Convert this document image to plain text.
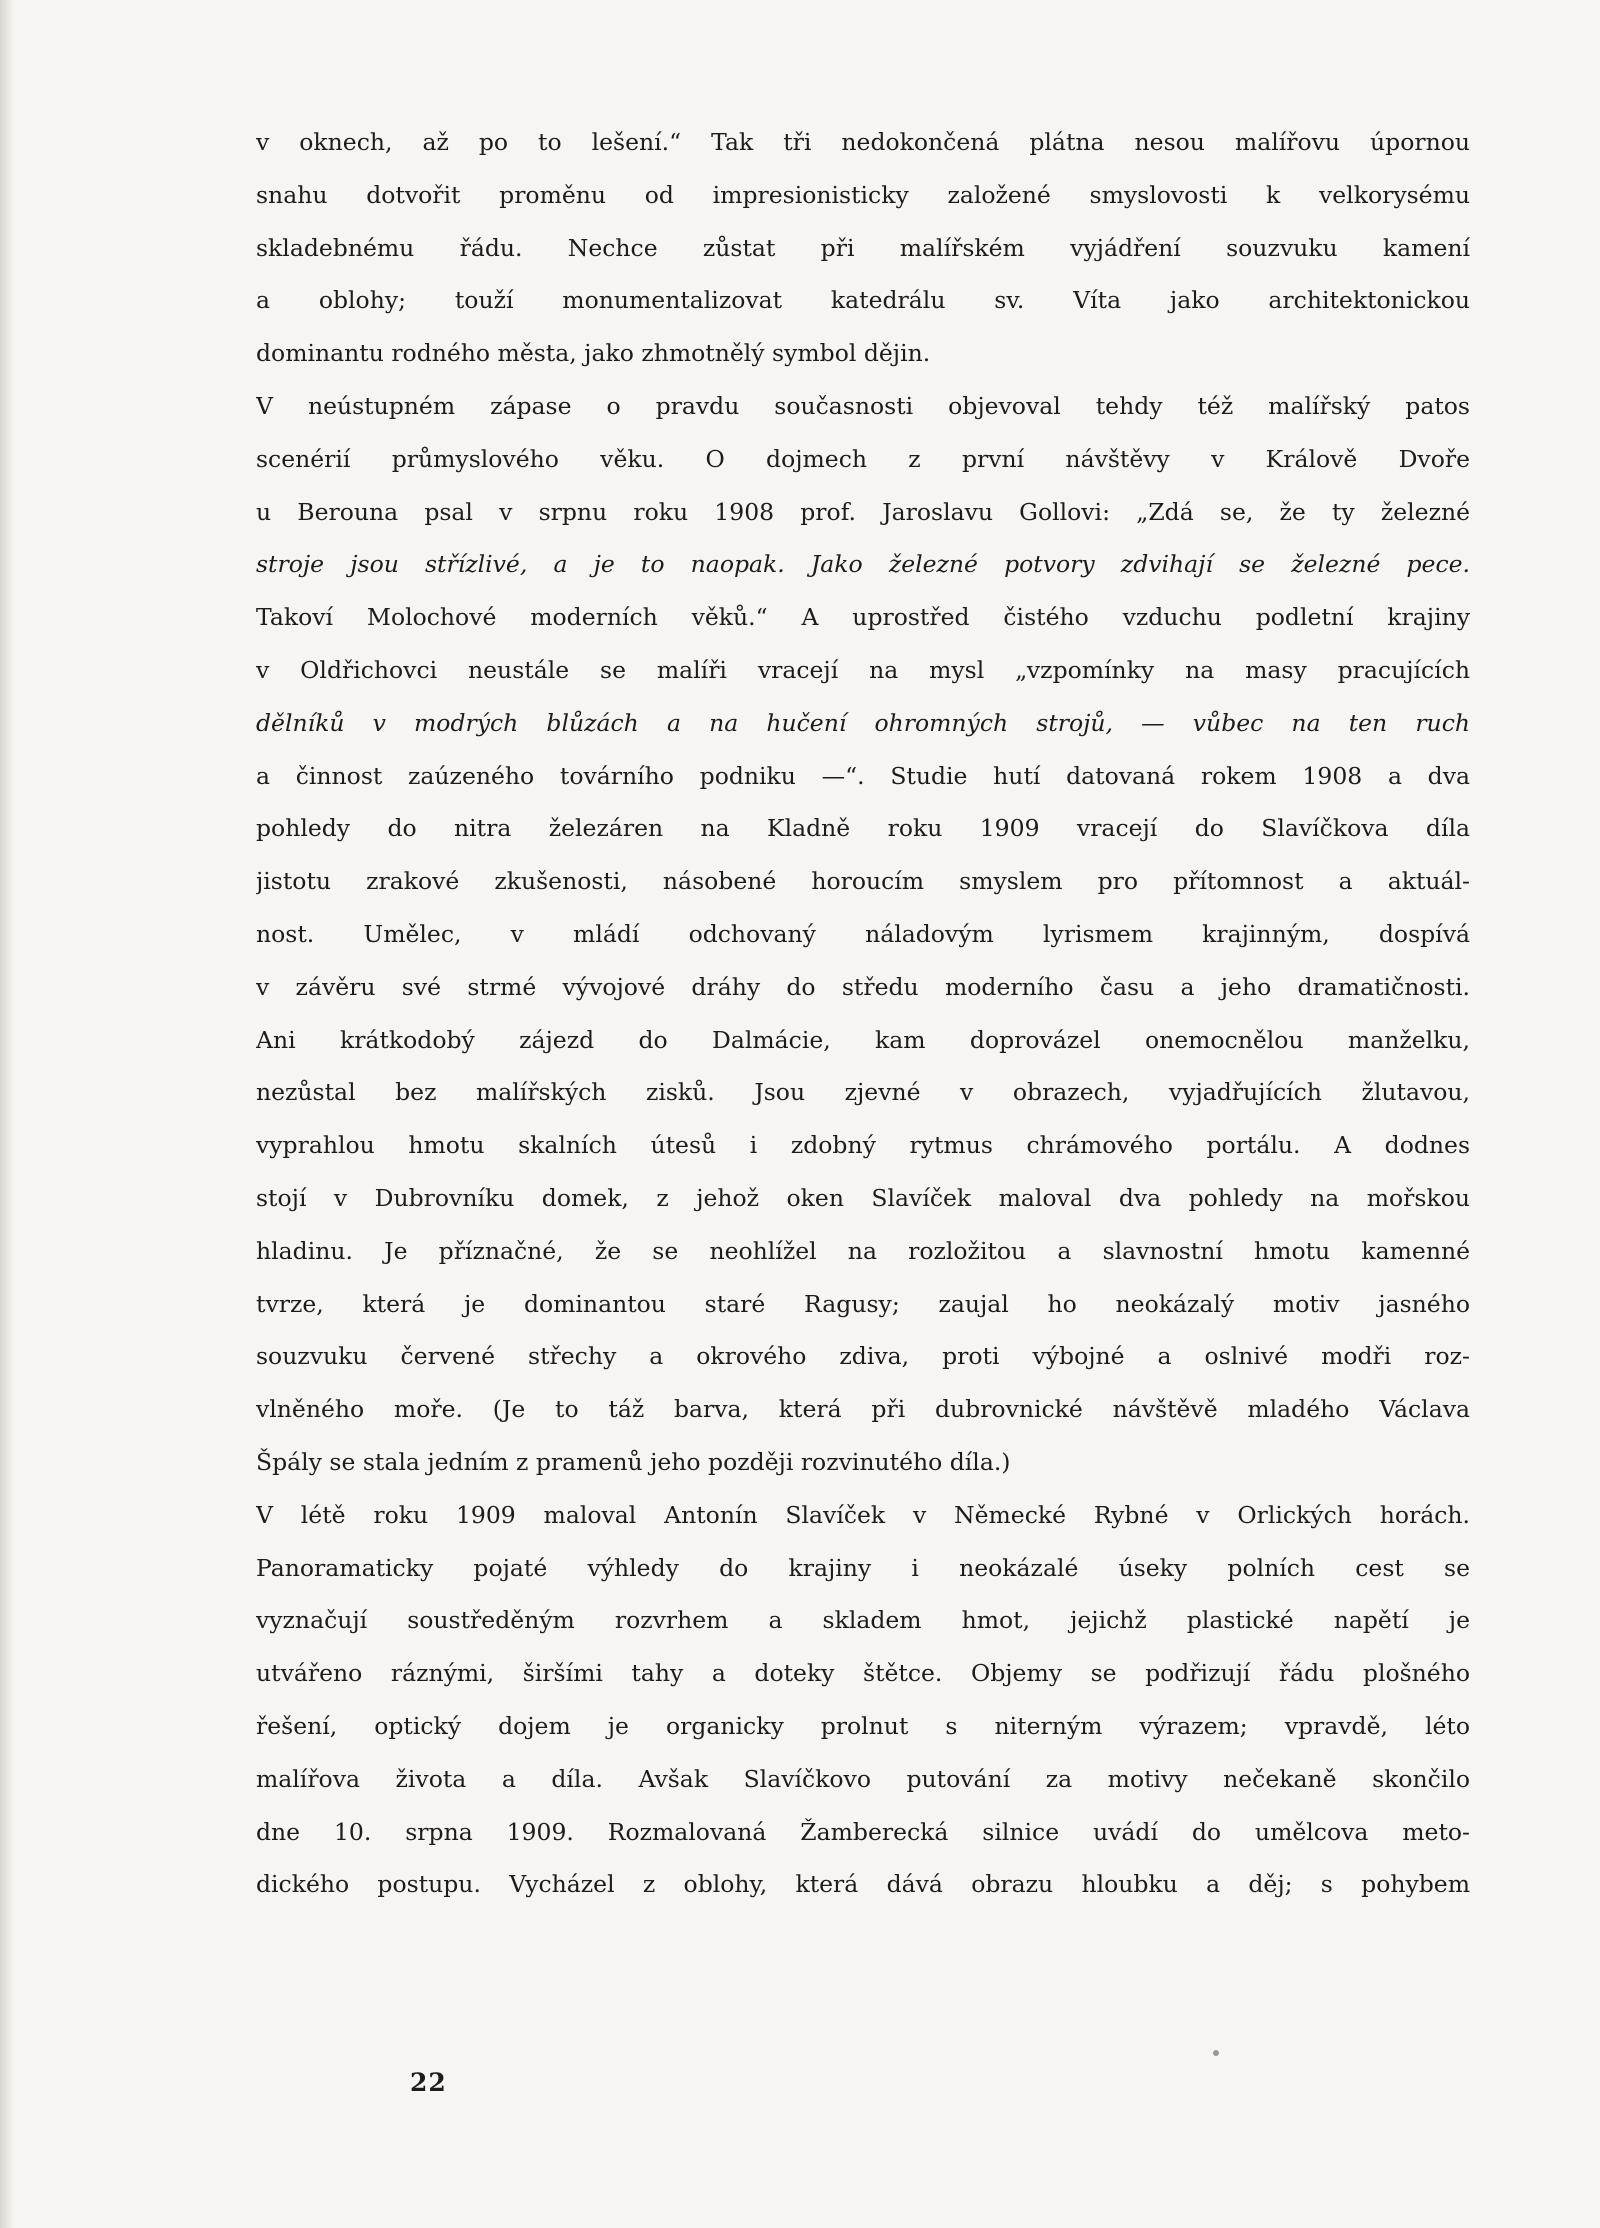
v oknech, až po to lešení.“ Tak tři nedokončená plátna nesou malířovu úpornou
snahu dotvořit proměnu od impresionisticky založené smyslovosti k velkorysému
skladebnému řádu. Nechce zůstat při malířském vyjádření souzvuku kamení
a oblohy; touží monumentalizovat katedrálu sv. Víta jako architektonickou
dominantu rodného města, jako zhmotnělý symbol dějin.
V neústupném zápase o pravdu současnosti objevoval tehdy též malířský patos
scenérií průmyslového věku. O dojmech z první návštěvy v Králově Dvoře
u Berouna psal v srpnu roku 1908 prof. Jaroslavu Gollovi: „Zdá se, že ty železné
stroje jsou střízlivé, a je to naopak. Jako železné potvory zdvihají se železné pece.
Takoví Molochové moderních věků.“ A uprostřed čistého vzduchu podletní krajiny
v Oldřichovci neustále se malíři vracejí na mysl „vzpomínky na masy pracujících
dělníků v modrých blůzách a na hučení ohromných strojů, — vůbec na ten ruch
a činnost zaúzeného továrního podniku —“. Studie hutí datovaná rokem 1908 a dva
pohledy do nitra železáren na Kladně roku 1909 vracejí do Slavíčkova díla
jistotu zrakové zkušenosti, násobené horoucím smyslem pro přítomnost a aktuál-
nost. Umělec, v mládí odchovaný náladovým lyrismem krajinným, dospívá
v závěru své strmé vývojové dráhy do středu moderního času a jeho dramatičnosti.
Ani krátkodobý zájezd do Dalmácie, kam doprovázel onemocnělou manželku,
nezůstal bez malířských zisků. Jsou zjevné v obrazech, vyjadřujících žlutavou,
vyprahlou hmotu skalních útesů i zdobný rytmus chrámového portálu. A dodnes
stojí v Dubrovníku domek, z jehož oken Slavíček maloval dva pohledy na mořskou
hladinu. Je příznačné, že se neohlížel na rozložitou a slavnostní hmotu kamenné
tvrze, která je dominantou staré Ragusy; zaujal ho neokázalý motiv jasného
souzvuku červené střechy a okrového zdiva, proti výbojné a oslnivé modři roz-
vlněného moře. (Je to táž barva, která při dubrovnické návštěvě mladého Václava
Špály se stala jedním z pramenů jeho později rozvinutého díla.)
V létě roku 1909 maloval Antonín Slavíček v Německé Rybné v Orlických horách.
Panoramaticky pojaté výhledy do krajiny i neokázalé úseky polních cest se
vyznačují soustředěným rozvrhem a skladem hmot, jejichž plastické napětí je
utvářeno ráznými, širšími tahy a doteky štětce. Objemy se podřizují řádu plošného
řešení, optický dojem je organicky prolnut s niterným výrazem; vpravdě, léto
malířova života a díla. Avšak Slavíčkovo putování za motivy nečekaně skončilo
dne 10. srpna 1909. Rozmalovaná Žamberecká silnice uvádí do umělcova meto-
dického postupu. Vycházel z oblohy, která dává obrazu hloubku a děj; s pohybem
22
